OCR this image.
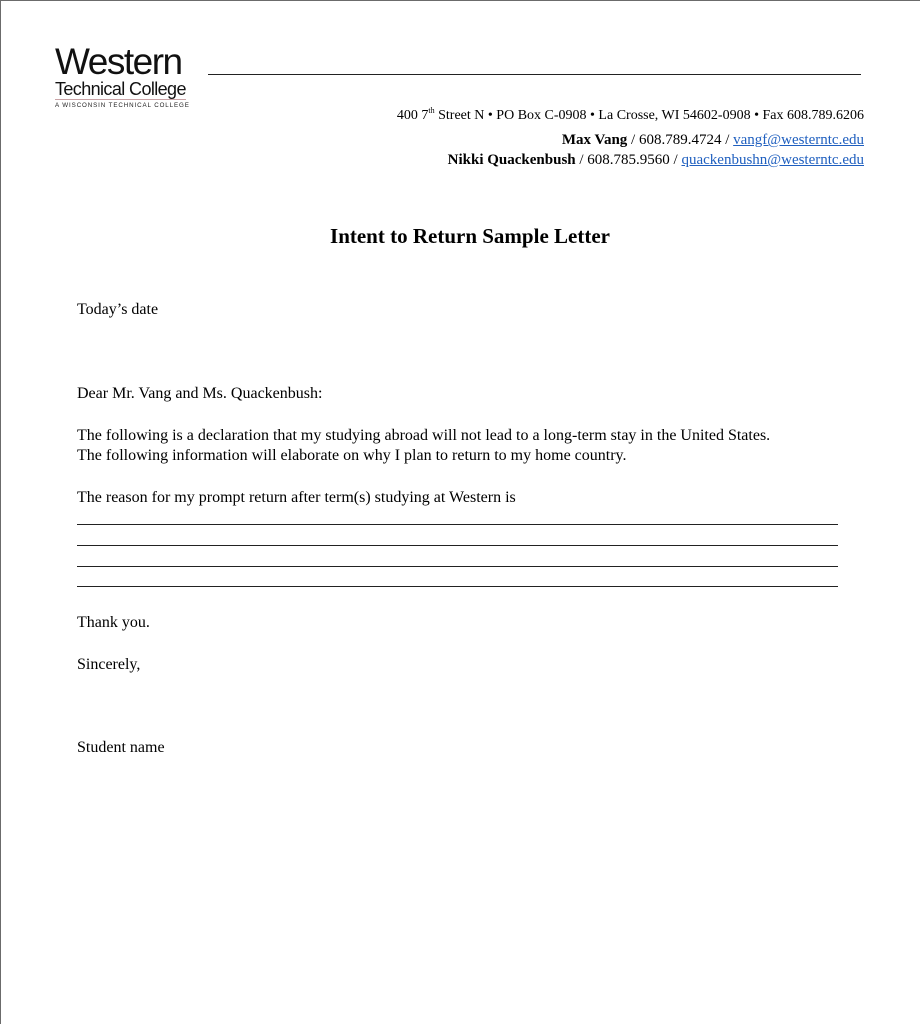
Western
Technical College
A WISCONSIN TECHNICAL COLLEGE
400 7th Street N • PO Box C-0908 • La Crosse, WI 54602-0908 • Fax 608.789.6206
Max Vang / 608.789.4724 / vangf@westerntc.edu
Nikki Quackenbush / 608.785.9560 / quackenbushn@westerntc.edu
Intent to Return Sample Letter
Today’s date
Dear Mr. Vang and Ms. Quackenbush:
The following is a declaration that my studying abroad will not lead to a long-term stay in the United States.
The following information will elaborate on why I plan to return to my home country.
The reason for my prompt return after term(s) studying at Western is
Thank you.
Sincerely,
Student name
